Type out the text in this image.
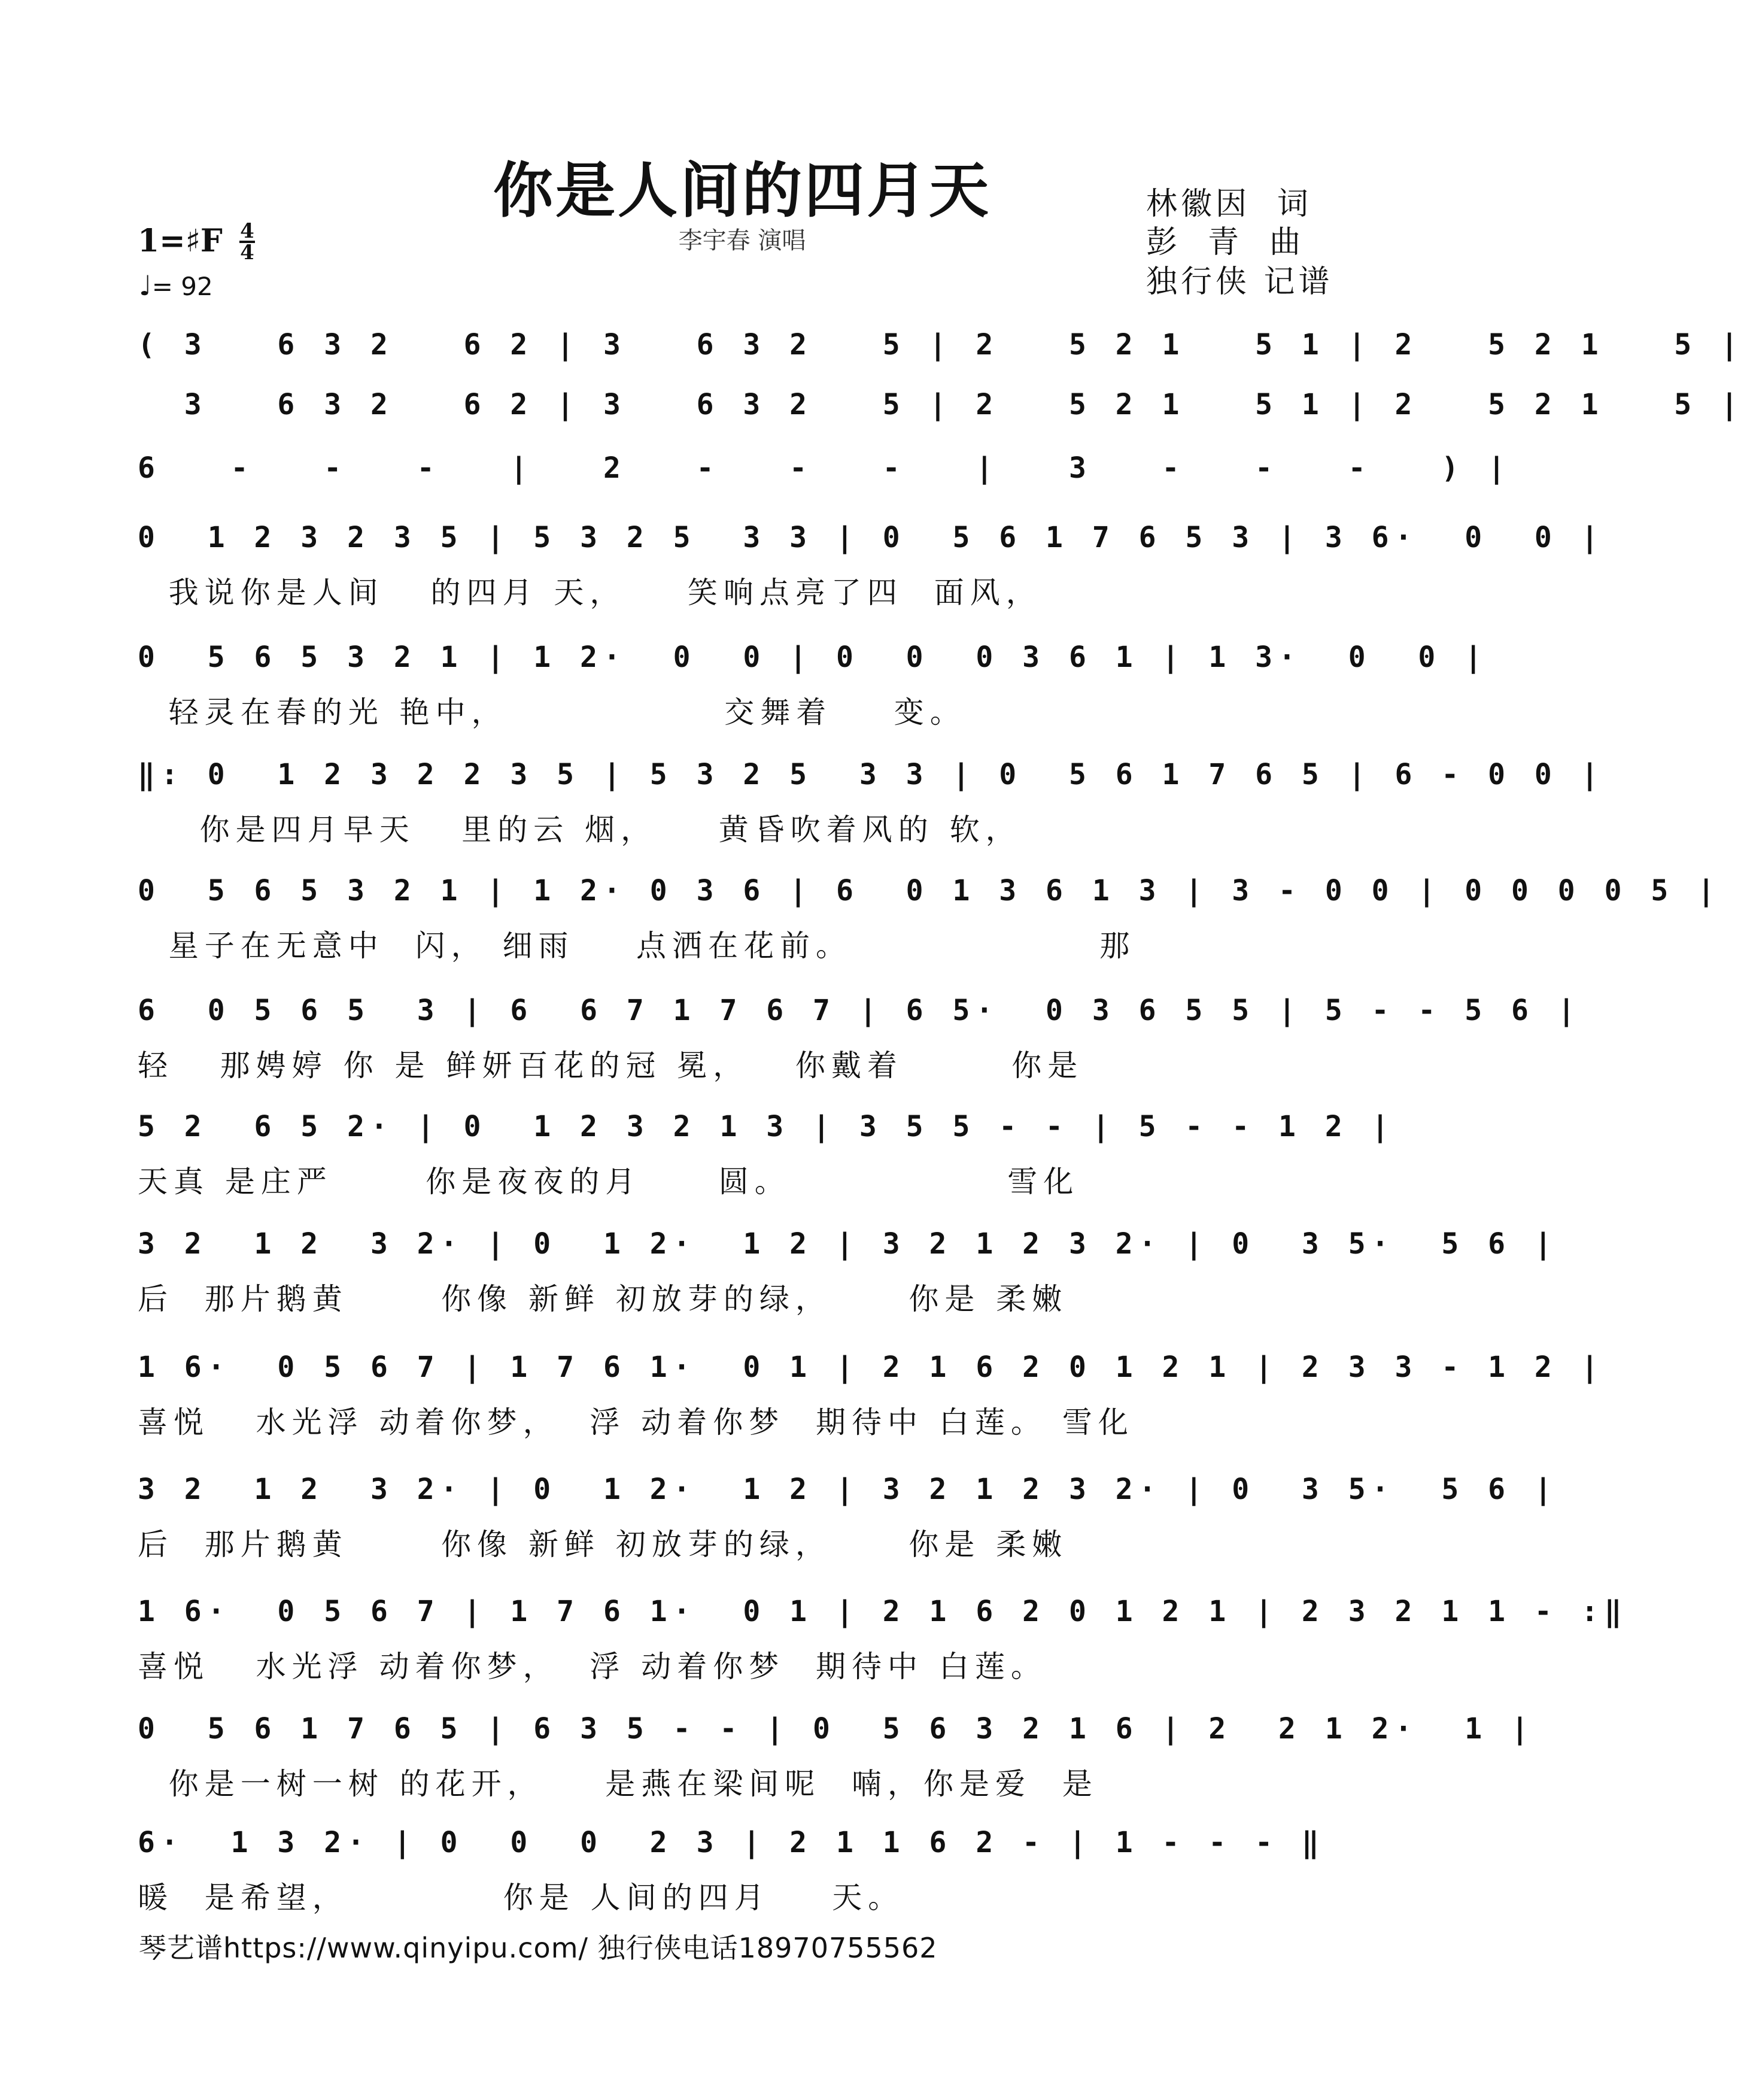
你是人间的四月天
李宇春 演唱
林徽因  词
彭  青  曲
独行侠 记谱
1=♯F 4
4
♩= 92
( 3   6 3 2   6 2 | 3   6 3 2   5 | 2   5 2 1   5 1 | 2   5 2 1   5 |
3   6 3 2   6 2 | 3   6 3 2   5 | 2   5 2 1   5 1 | 2   5 2 1   5 |
6   -   -   -   |   2   -   -   -   |   3   -   -   -   ) |
0  1 2 3 2 3 5 | 5 3 2 5  3 3 | 0  5 6 1 7 6 5 3 | 3 6·  0  0 |
我说你是人间   的四月 天，    笑响点亮了四  面风，
0  5 6 5 3 2 1 | 1 2·  0  0 | 0  0  0 3 6 1 | 1 3·  0  0 |
轻灵在春的光 艳中，              交舞着    变。
‖: 0  1 2 3 2 2 3 5 | 5 3 2 5  3 3 | 0  5 6 1 7 6 5 | 6 - 0 0 |
你是四月早天   里的云 烟，    黄昏吹着风的 软，
0  5 6 5 3 2 1 | 1 2· 0 3 6 | 6  0 1 3 6 1 3 | 3 - 0 0 | 0 0 0 0 5 |
星子在无意中  闪， 细雨    点洒在花前。                那
6  0 5 6 5  3 | 6  6 7 1 7 6 7 | 6 5·  0 3 6 5 5 | 5 - - 5 6 |
轻   那娉婷 你 是 鲜妍百花的冠 冕，   你戴着       你是
5 2  6 5 2· | 0  1 2 3 2 1 3 | 3 5 5 - - | 5 - - 1 2 |
天真 是庄严      你是夜夜的月     圆。              雪化
3 2  1 2  3 2· | 0  1 2·  1 2 | 3 2 1 2 3 2· | 0  3 5·  5 6 |
后  那片鹅黄      你像 新鲜 初放芽的绿，     你是 柔嫩
1 6·  0 5 6 7 | 1 7 6 1·  0 1 | 2 1 6 2 0 1 2 1 | 2 3 3 - 1 2 |
喜悦   水光浮 动着你梦，  浮 动着你梦  期待中 白莲。 雪化
3 2  1 2  3 2· | 0  1 2·  1 2 | 3 2 1 2 3 2· | 0  3 5·  5 6 |
后  那片鹅黄      你像 新鲜 初放芽的绿，     你是 柔嫩
1 6·  0 5 6 7 | 1 7 6 1·  0 1 | 2 1 6 2 0 1 2 1 | 2 3 2 1 1 - :‖
喜悦   水光浮 动着你梦，  浮 动着你梦  期待中 白莲。
0  5 6 1 7 6 5 | 6 3 5 - - | 0  5 6 3 2 1 6 | 2  2 1 2·  1 |
你是一树一树 的花开，    是燕在梁间呢  喃，你是爱  是
6·  1 3 2· | 0  0  0  2 3 | 2 1 1 6 2 - | 1 - - - ‖
暖  是希望，          你是 人间的四月    天。
琴艺谱https://www.qinyipu.com/ 独行侠电话18970755562
